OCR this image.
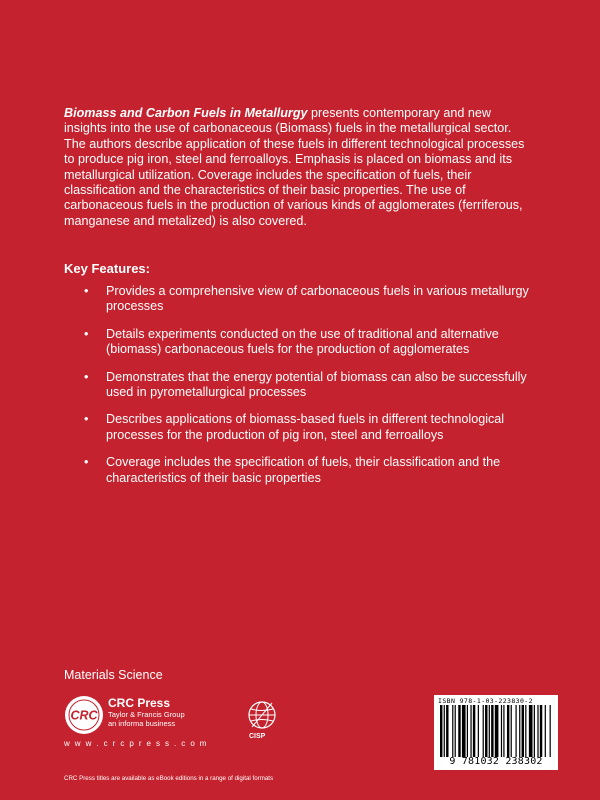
Biomass and Carbon Fuels in Metallurgy presents contemporary and new insights into the use of carbonaceous (Biomass) fuels in the metallurgical sector. The authors describe application of these fuels in different technological processes to produce pig iron, steel and ferroalloys. Emphasis is placed on biomass and its metallurgical utilization. Coverage includes the specification of fuels, their classification and the characteristics of their basic properties. The use of carbonaceous fuels in the production of various kinds of agglomerates (ferriferous, manganese and metalized) is also covered.

Key Features:
• Provides a comprehensive view of carbonaceous fuels in various metallurgy processes
• Details experiments conducted on the use of traditional and alternative (biomass) carbonaceous fuels for the production of agglomerates
• Demonstrates that the energy potential of biomass can also be successfully used in pyrometallurgical processes
• Describes applications of biomass-based fuels in different technological processes for the production of pig iron, steel and ferroalloys
• Coverage includes the specification of fuels, their classification and the characteristics of their basic properties
Materials Science
CRC
CRC Press
Taylor & Francis Group
an informa business
w w w . c r c p r e s s . c o m
CISP
CRC Press titles are available as eBook editions in a range of digital formats
ISBN 978-1-03-223830-2
9 781032 238302
